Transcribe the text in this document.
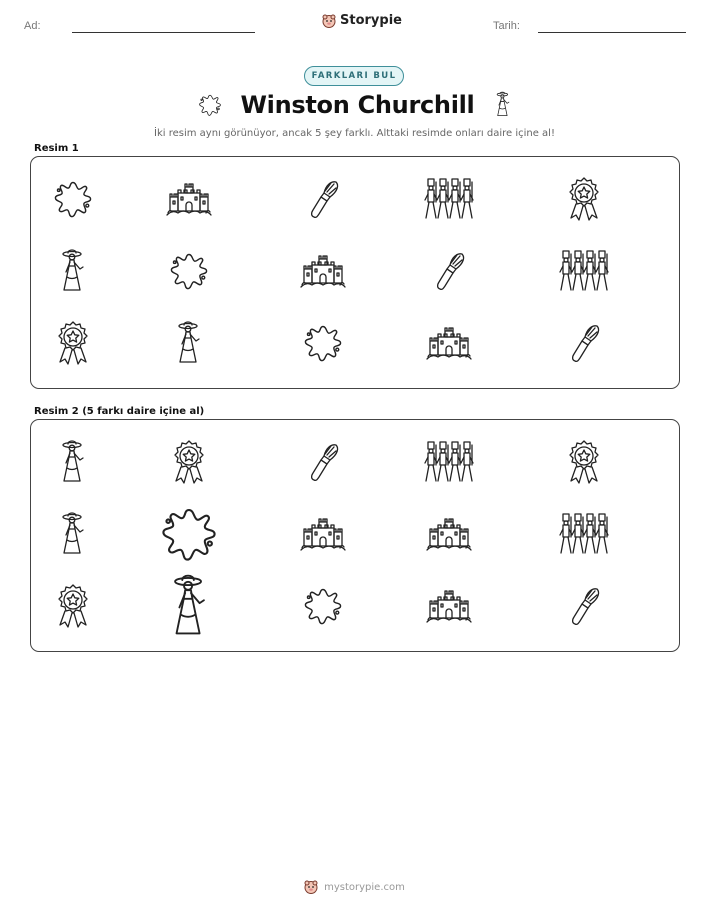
Ad:	Storypie	Tarih:
FARKLARI BUL
Winston Churchill
İki resim aynı görünüyor, ancak 5 şey farklı. Alttaki resimde onları daire içine al!
Resim 1
Resim 2 (5 farkı daire içine al)
mystorypie.com
